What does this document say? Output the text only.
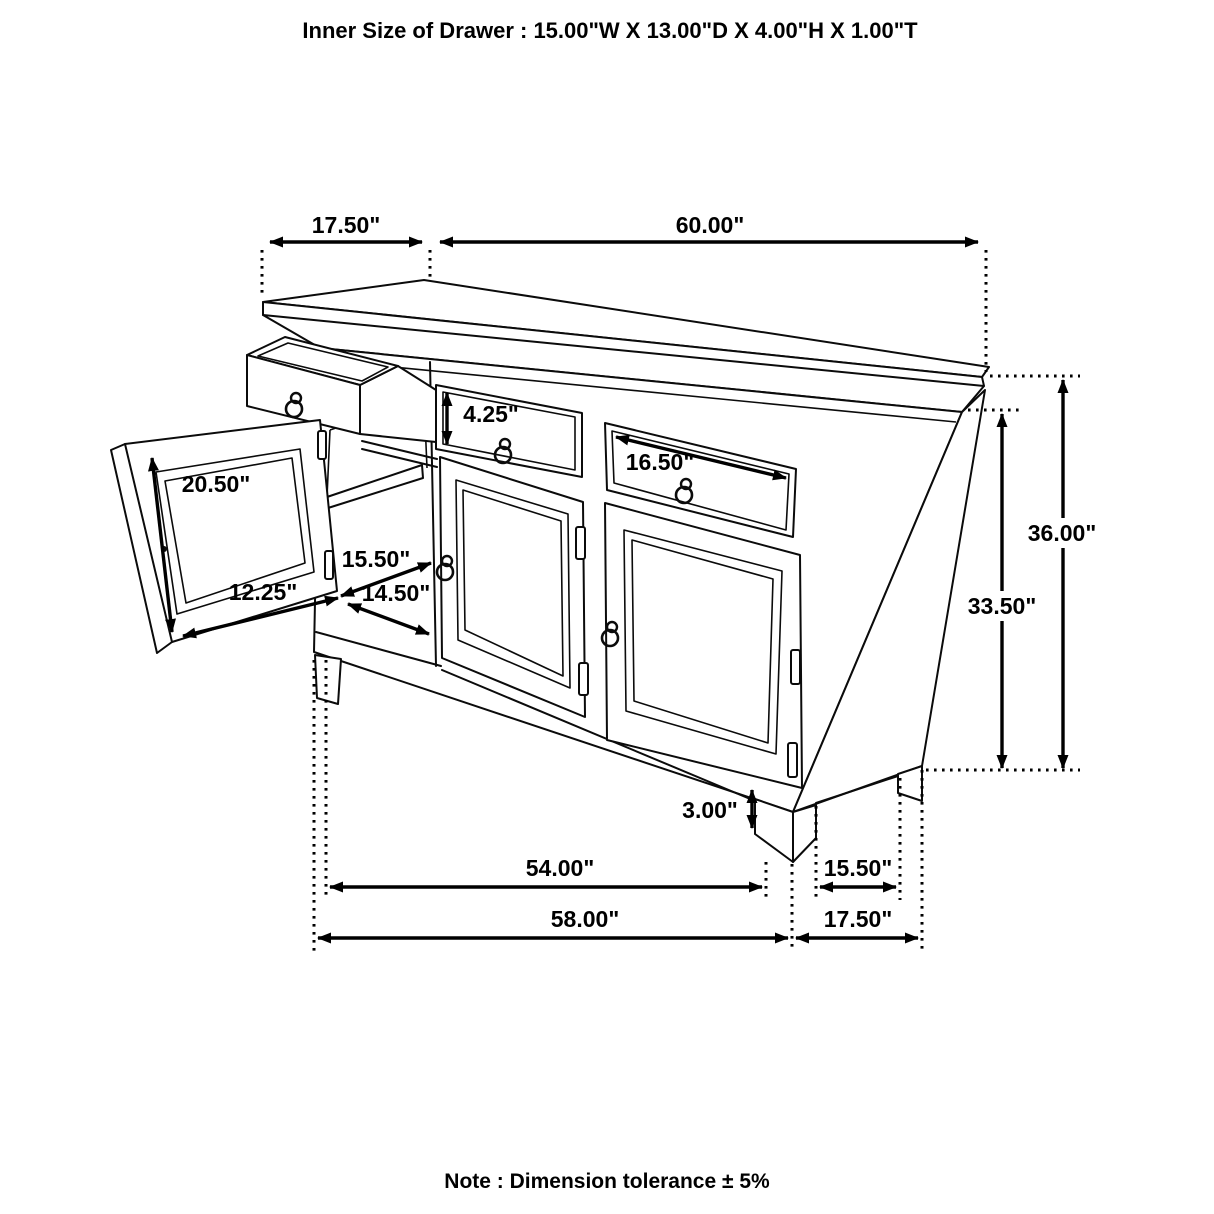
17.50"	60.00"
4.25"
16.50"
20.50"
12.25"
15.50"
14.50"
36.00"
33.50"
3.00"
54.00"	15.50"
58.00"	17.50"
Inner Size of Drawer : 15.00"W X 13.00"D X 4.00"H X 1.00"T
Note : Dimension tolerance ± 5%
